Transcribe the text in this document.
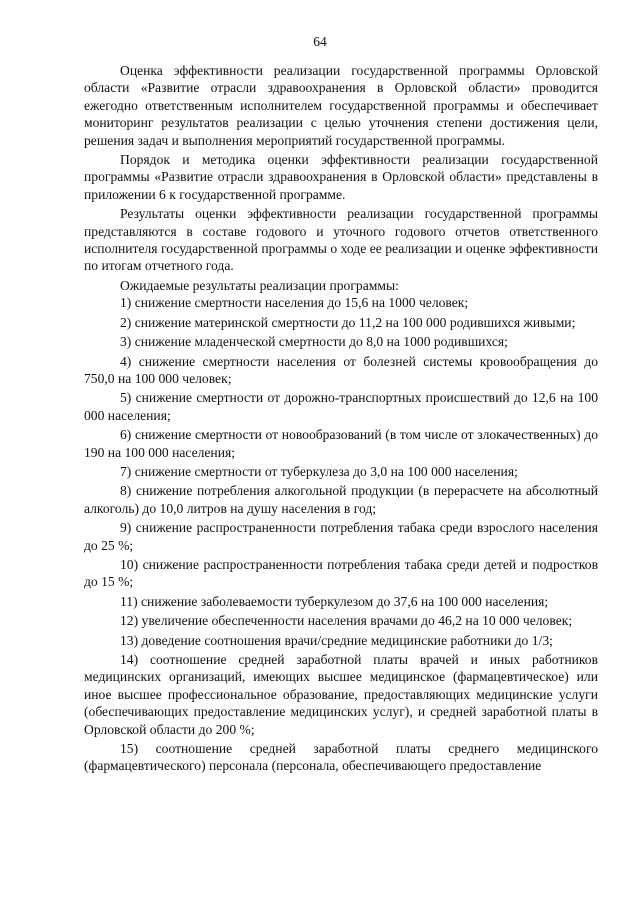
64

Оценка эффективности реализации государственной программы Орловской области «Развитие отрасли здравоохранения в Орловской области» проводится ежегодно ответственным исполнителем государственной программы и обеспечивает мониторинг результатов реализации с целью уточнения степени достижения цели, решения задач и выполнения мероприятий государственной программы.

Порядок и методика оценки эффективности реализации государственной программы «Развитие отрасли здравоохранения в Орловской области» представлены в приложении 6 к государственной программе.

Результаты оценки эффективности реализации государственной программы представляются в составе годового и уточного годового отчетов ответственного исполнителя государственной программы о ходе ее реализации и оценке эффективности по итогам отчетного года.

Ожидаемые результаты реализации программы:

1) снижение смертности населения до 15,6 на 1000 человек;

2) снижение материнской смертности до 11,2 на 100 000 родившихся живыми;

3) снижение младенческой смертности до 8,0 на 1000 родившихся;

4) снижение смертности населения от болезней системы кровообращения до 750,0 на 100 000 человек;

5) снижение смертности от дорожно-транспортных происшествий до 12,6 на 100 000 населения;

6) снижение смертности от новообразований (в том числе от злокачественных) до 190 на 100 000 населения;

7) снижение смертности от туберкулеза до 3,0 на 100 000 населения;

8) снижение потребления алкогольной продукции (в перерасчете на абсолютный алкоголь) до 10,0 литров на душу населения в год;

9) снижение распространенности потребления табака среди взрослого населения до 25 %;

10) снижение распространенности потребления табака среди детей и подростков до 15 %;

11) снижение заболеваемости туберкулезом до 37,6 на 100 000 населения;

12) увеличение обеспеченности населения врачами до 46,2 на 10 000 человек;

13) доведение соотношения врачи/средние медицинские работники до 1/3;

14) соотношение средней заработной платы врачей и иных работников медицинских организаций, имеющих высшее медицинское (фармацевтическое) или иное высшее профессиональное образование, предоставляющих медицинские услуги (обеспечивающих предоставление медицинских услуг), и средней заработной платы в Орловской области до 200 %;

15) соотношение средней заработной платы среднего медицинского (фармацевтического) персонала (персонала, обеспечивающего предоставление
